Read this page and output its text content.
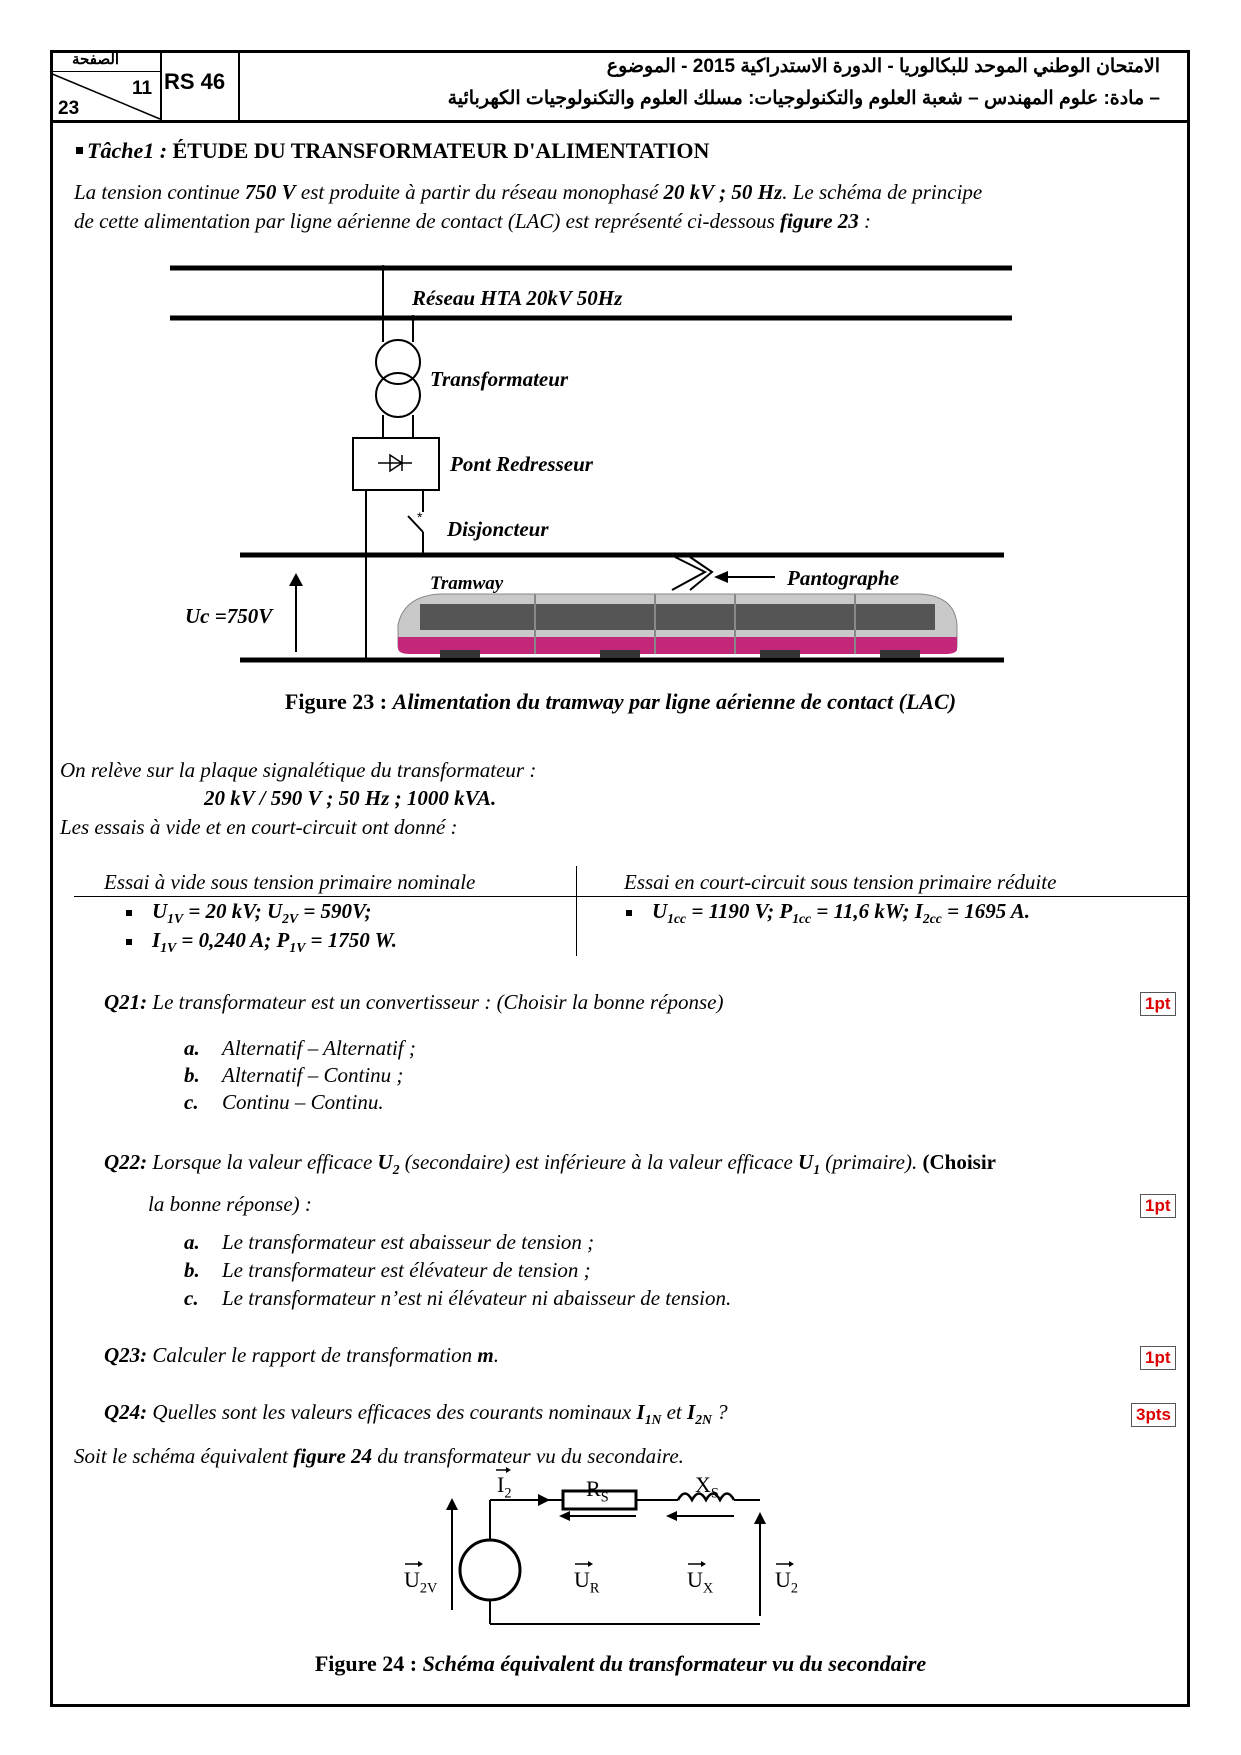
الصفحة
11
23
RS 46
الامتحان الوطني الموحد للبكالوريا - الدورة الاستدراكية 2015 - الموضوع
– مادة: علوم المهندس – شعبة العلوم والتكنولوجيات: مسلك العلوم والتكنولوجيات الكهربائية
Tâche1 : ÉTUDE DU TRANSFORMATEUR D'ALIMENTATION
La tension continue 750 V est produite à partir du réseau monophasé 20 kV ; 50 Hz. Le schéma de principe
de cette alimentation par ligne aérienne de contact (LAC) est représenté ci-dessous figure 23 :
*
Réseau HTA 20kV 50Hz
Transformateur
Pont Redresseur
Disjoncteur
Tramway	Pantographe
Uc =750V
Figure 23 : Alimentation du tramway par ligne aérienne de contact (LAC)
On relève sur la plaque signalétique du transformateur :
20 kV / 590 V ; 50 Hz ; 1000 kVA.
Les essais à vide et en court-circuit ont donné :
Essai à vide sous tension primaire nominale	Essai en court-circuit sous tension primaire réduite
$U_{1V} = 20$ kV; $U_{2V} = 590V$;
$I_{1V} = 0,240$ A; $P_{1V} = 1750$ W.
$U_{1cc} = 1190$ V; $P_{1cc} = 11,6$ kW; $I_{2cc} = 1695$ A.
Q21: Le transformateur est un convertisseur : (Choisir la bonne réponse)	1pt
a. Alternatif – Alternatif ;
b. Alternatif – Continu ;
c. Continu – Continu.
Q22: Lorsque la valeur efficace $U_2$ (secondaire) est inférieure à la valeur efficace $U_1$ (primaire). (Choisir
la bonne réponse) :	1pt
a. Le transformateur est abaisseur de tension ;
b. Le transformateur est élévateur de tension ;
c. Le transformateur n’est ni élévateur ni abaisseur de tension.
Q23: Calculer le rapport de transformation m.	1pt
Q24: Quelles sont les valeurs efficaces des courants nominaux $I_{1N}$ et $I_{2N}$ ?	3pts
Soit le schéma équivalent figure 24 du transformateur vu du secondaire.
$I_2$	$R_S$
$X_S$
$U_{2V}$	$U_R$	$U_X$	$U_2$
Figure 24 : Schéma équivalent du transformateur vu du secondaire
